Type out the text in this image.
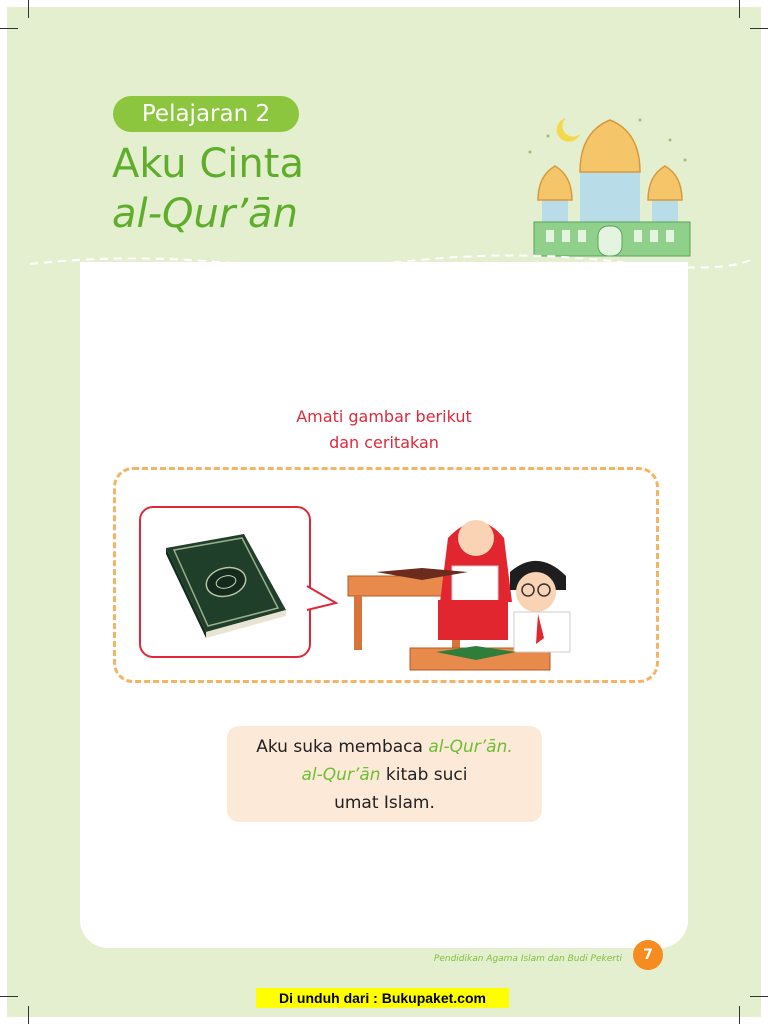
Pelajaran 2
Aku Cinta
al-Qur’ān
Amati gambar berikut
dan ceritakan
Aku suka membaca al-Qur’ān.
al-Qur’ān kitab suci
umat Islam.
Pendidikan Agama Islam dan Budi Pekerti	7
Di unduh dari : Bukupaket.com
